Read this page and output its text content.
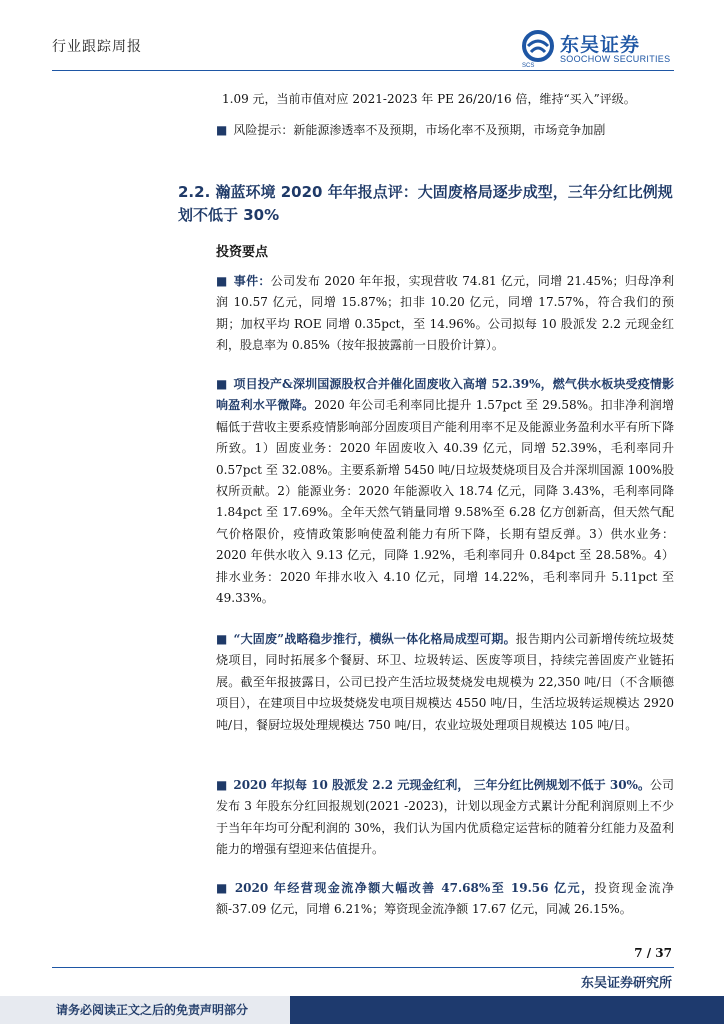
行业跟踪周报	东吴证券
SOOCHOW SECURITIES
SCS
1.09 元，当前市值对应 2021-2023 年 PE 26/20/16 倍，维持“买入”评级。
■ 风险提示：新能源渗透率不及预期，市场化率不及预期，市场竞争加剧
2.2. 瀚蓝环境 2020 年年报点评：大固废格局逐步成型，三年分红比例规划不低于 30%
投资要点
■ 事件：公司发布 2020 年年报，实现营收 74.81 亿元，同增 21.45%；归母净利润 10.57 亿元，同增 15.87%；扣非 10.20 亿元，同增 17.57%，符合我们的预期；加权平均 ROE 同增 0.35pct，至 14.96%。公司拟每 10 股派发 2.2 元现金红利，股息率为 0.85%（按年报披露前一日股价计算）。
■ 项目投产&深圳国源股权合并催化固废收入高增 52.39%，燃气供水板块受疫情影响盈利水平微降。2020 年公司毛利率同比提升 1.57pct 至 29.58%。扣非净利润增幅低于营收主要系疫情影响部分固废项目产能利用率不足及能源业务盈利水平有所下降所致。1）固废业务：2020 年固废收入 40.39 亿元，同增 52.39%，毛利率同升 0.57pct 至 32.08%。主要系新增 5450 吨/日垃圾焚烧项目及合并深圳国源 100%股权所贡献。2）能源业务：2020 年能源收入 18.74 亿元，同降 3.43%，毛利率同降 1.84pct 至 17.69%。全年天然气销量同增 9.58%至 6.28 亿方创新高，但天然气配气价格限价，疫情政策影响使盈利能力有所下降，长期有望反弹。3）供水业务：2020 年供水收入 9.13 亿元，同降 1.92%，毛利率同升 0.84pct 至 28.58%。4）排水业务：2020 年排水收入 4.10 亿元，同增 14.22%，毛利率同升 5.11pct 至 49.33%。
■ “大固废”战略稳步推行，横纵一体化格局成型可期。报告期内公司新增传统垃圾焚烧项目，同时拓展多个餐厨、环卫、垃圾转运、医废等项目，持续完善固废产业链拓展。截至年报披露日，公司已投产生活垃圾焚烧发电规模为 22,350 吨/日（不含顺德项目），在建项目中垃圾焚烧发电项目规模达 4550 吨/日，生活垃圾转运规模达 2920 吨/日，餐厨垃圾处理规模达 750 吨/日，农业垃圾处理项目规模达 105 吨/日。
■ 2020 年拟每 10 股派发 2.2 元现金红利， 三年分红比例规划不低于 30%。公司发布 3 年股东分红回报规划(2021 -2023)，计划以现金方式累计分配利润原则上不少于当年年均可分配利润的 30%，我们认为国内优质稳定运营标的随着分红能力及盈利能力的增强有望迎来估值提升。
■ 2020 年经营现金流净额大幅改善 47.68%至 19.56 亿元，投资现金流净额-37.09 亿元，同增 6.21%；筹资现金流净额 17.67 亿元，同减 26.15%。
7 / 37
东吴证券研究所
请务必阅读正文之后的免责声明部分
